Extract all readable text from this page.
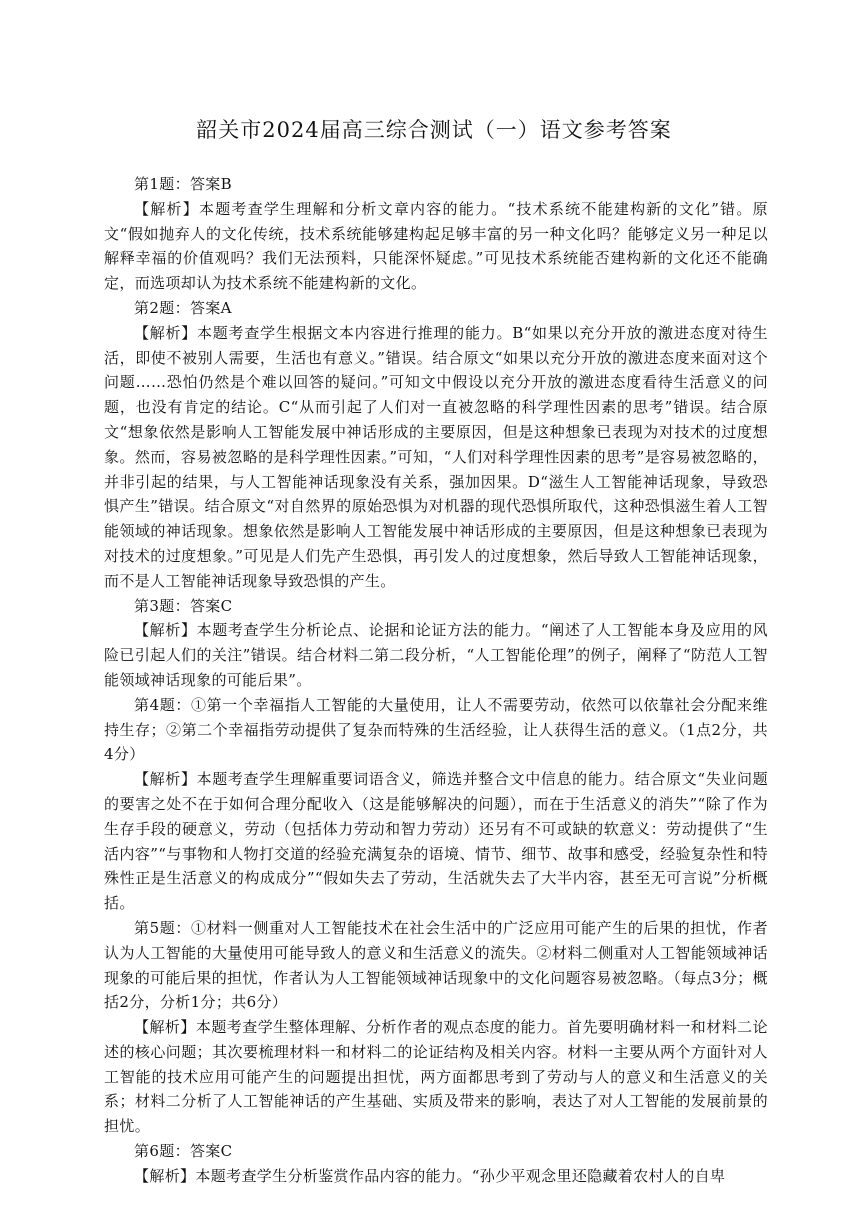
韶关市2024届高三综合测试（一）语文参考答案

第1题：答案B

【解析】本题考查学生理解和分析文章内容的能力。“技术系统不能建构新的文化”错。原文“假如抛弃人的文化传统，技术系统能够建构起足够丰富的另一种文化吗？能够定义另一种足以解释幸福的价值观吗？我们无法预料，只能深怀疑虑。”可见技术系统能否建构新的文化还不能确定，而选项却认为技术系统不能建构新的文化。

第2题：答案A

【解析】本题考查学生根据文本内容进行推理的能力。B“如果以充分开放的激进态度对待生活，即使不被别人需要，生活也有意义。”错误。结合原文“如果以充分开放的激进态度来面对这个问题……恐怕仍然是个难以回答的疑问。”可知文中假设以充分开放的激进态度看待生活意义的问题，也没有肯定的结论。C“从而引起了人们对一直被忽略的科学理性因素的思考”错误。结合原文“想象依然是影响人工智能发展中神话形成的主要原因，但是这种想象已表现为对技术的过度想象。然而，容易被忽略的是科学理性因素。”可知，“人们对科学理性因素的思考”是容易被忽略的，并非引起的结果，与人工智能神话现象没有关系，强加因果。D“滋生人工智能神话现象，导致恐惧产生”错误。结合原文“对自然界的原始恐惧为对机器的现代恐惧所取代，这种恐惧滋生着人工智能领域的神话现象。想象依然是影响人工智能发展中神话形成的主要原因，但是这种想象已表现为对技术的过度想象。”可见是人们先产生恐惧，再引发人的过度想象，然后导致人工智能神话现象，而不是人工智能神话现象导致恐惧的产生。

第3题：答案C

【解析】本题考查学生分析论点、论据和论证方法的能力。“阐述了人工智能本身及应用的风险已引起人们的关注”错误。结合材料二第二段分析，“人工智能伦理”的例子，阐释了“防范人工智能领域神话现象的可能后果”。

第4题：①第一个幸福指人工智能的大量使用，让人不需要劳动，依然可以依靠社会分配来维持生存；②第二个幸福指劳动提供了复杂而特殊的生活经验，让人获得生活的意义。（1点2分，共4分）

【解析】本题考查学生理解重要词语含义，筛选并整合文中信息的能力。结合原文“失业问题的要害之处不在于如何合理分配收入（这是能够解决的问题），而在于生活意义的消失”“除了作为生存手段的硬意义，劳动（包括体力劳动和智力劳动）还另有不可或缺的软意义：劳动提供了“生活内容”“与事物和人物打交道的经验充满复杂的语境、情节、细节、故事和感受，经验复杂性和特殊性正是生活意义的构成成分”“假如失去了劳动，生活就失去了大半内容，甚至无可言说”分析概括。

第5题：①材料一侧重对人工智能技术在社会生活中的广泛应用可能产生的后果的担忧，作者认为人工智能的大量使用可能导致人的意义和生活意义的流失。②材料二侧重对人工智能领域神话现象的可能后果的担忧，作者认为人工智能领域神话现象中的文化问题容易被忽略。（每点3分；概括2分，分析1分；共6分）

【解析】本题考查学生整体理解、分析作者的观点态度的能力。首先要明确材料一和材料二论述的核心问题；其次要梳理材料一和材料二的论证结构及相关内容。材料一主要从两个方面针对人工智能的技术应用可能产生的问题提出担忧，两方面都思考到了劳动与人的意义和生活意义的关系；材料二分析了人工智能神话的产生基础、实质及带来的影响，表达了对人工智能的发展前景的担忧。

第6题：答案C

【解析】本题考查学生分析鉴赏作品内容的能力。“孙少平观念里还隐藏着农村人的自卑
